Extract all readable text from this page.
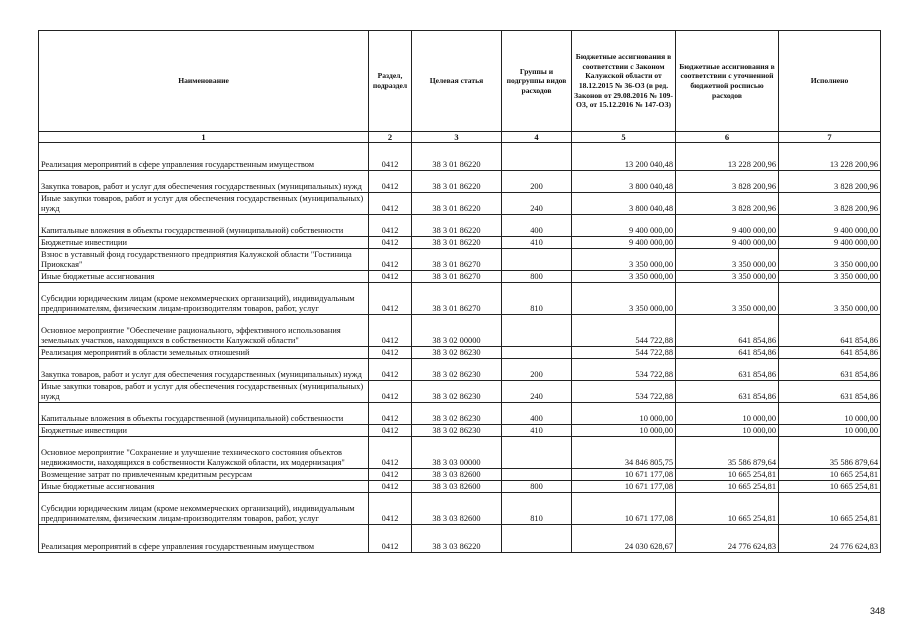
Наименование	Раздел, подраздел	Целевая статья	Группы и подгруппы видов расходов	Бюджетные ассигнования в соответствии с Законом Калужской области от 18.12.2015 № 36-ОЗ (в ред. Законов от 29.08.2016 № 109-ОЗ, от 15.12.2016 № 147-ОЗ)	Бюджетные ассигнования в соответствии с уточненной бюджетной росписью расходов	Исполнено
1	2	3	4	5	6	7
Реализация мероприятий в сфере управления государственным имуществом	0412	38 3 01 86220		13 200 040,48	13 228 200,96	13 228 200,96
Закупка товаров, работ и услуг для обеспечения государственных (муниципальных) нужд	0412	38 3 01 86220	200	3 800 040,48	3 828 200,96	3 828 200,96
Иные закупки товаров, работ и услуг для обеспечения государственных (муниципальных) нужд	0412	38 3 01 86220	240	3 800 040,48	3 828 200,96	3 828 200,96
Капитальные вложения в объекты государственной (муниципальной) собственности	0412	38 3 01 86220	400	9 400 000,00	9 400 000,00	9 400 000,00
Бюджетные инвестиции	0412	38 3 01 86220	410	9 400 000,00	9 400 000,00	9 400 000,00
Взнос в уставный фонд государственного предприятия Калужской области "Гостиница Приокская"	0412	38 3 01 86270		3 350 000,00	3 350 000,00	3 350 000,00
Иные бюджетные ассигнования	0412	38 3 01 86270	800	3 350 000,00	3 350 000,00	3 350 000,00
Субсидии юридическим лицам (кроме некоммерческих организаций), индивидуальным предпринимателям, физическим лицам-производителям товаров, работ, услуг	0412	38 3 01 86270	810	3 350 000,00	3 350 000,00	3 350 000,00
Основное мероприятие "Обеспечение рационального, эффективного использования земельных участков, находящихся в собственности Калужской области"	0412	38 3 02 00000		544 722,88	641 854,86	641 854,86
Реализация мероприятий в области земельных отношений	0412	38 3 02 86230		544 722,88	641 854,86	641 854,86
Закупка товаров, работ и услуг для обеспечения государственных (муниципальных) нужд	0412	38 3 02 86230	200	534 722,88	631 854,86	631 854,86
Иные закупки товаров, работ и услуг для обеспечения государственных (муниципальных) нужд	0412	38 3 02 86230	240	534 722,88	631 854,86	631 854,86
Капитальные вложения в объекты государственной (муниципальной) собственности	0412	38 3 02 86230	400	10 000,00	10 000,00	10 000,00
Бюджетные инвестиции	0412	38 3 02 86230	410	10 000,00	10 000,00	10 000,00
Основное мероприятие "Сохранение и улучшение технического состояния объектов недвижимости, находящихся в собственности Калужской области, их модернизация"	0412	38 3 03 00000		34 846 805,75	35 586 879,64	35 586 879,64
Возмещение затрат по привлеченным кредитным ресурсам	0412	38 3 03 82600		10 671 177,08	10 665 254,81	10 665 254,81
Иные бюджетные ассигнования	0412	38 3 03 82600	800	10 671 177,08	10 665 254,81	10 665 254,81
Субсидии юридическим лицам (кроме некоммерческих организаций), индивидуальным предпринимателям, физическим лицам-производителям товаров, работ, услуг	0412	38 3 03 82600	810	10 671 177,08	10 665 254,81	10 665 254,81
Реализация мероприятий в сфере управления государственным имуществом	0412	38 3 03 86220		24 030 628,67	24 776 624,83	24 776 624,83
348
